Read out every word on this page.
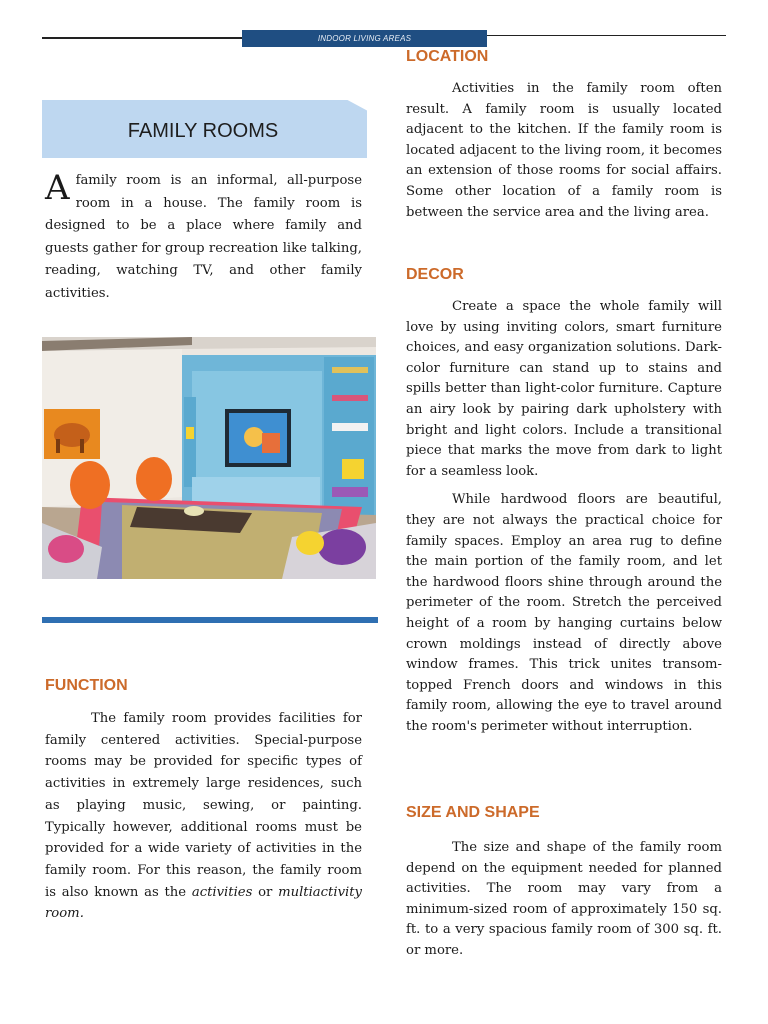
INDOOR LIVING AREAS
FAMILY ROOMS

A family room is an informal, all-purpose room in a house. The family room is designed to be a place where family and guests gather for group recreation like talking, reading, watching TV, and other family activities.

FUNCTION

The family room provides facilities for family centered activities. Special-purpose rooms may be provided for specific types of activities in extremely large residences, such as playing music, sewing, or painting. Typically however, additional rooms must be provided for a wide variety of activities in the family room. For this reason, the family room is also known as the activities or multiactivity room.

LOCATION

Activities in the family room often result. A family room is usually located adjacent to the kitchen. If the family room is located adjacent to the living room, it becomes an extension of those rooms for social affairs. Some other location of a family room is between the service area and the living area.

DECOR

Create a space the whole family will love by using inviting colors, smart furniture choices, and easy organization solutions. Dark-color furniture can stand up to stains and spills better than light-color furniture. Capture an airy look by pairing dark upholstery with bright and light colors. Include a transitional piece that marks the move from dark to light for a seamless look.

While hardwood floors are beautiful, they are not always the practical choice for family spaces. Employ an area rug to define the main portion of the family room, and let the hardwood floors shine through around the perimeter of the room. Stretch the perceived height of a room by hanging curtains below crown moldings instead of directly above window frames. This trick unites transom-topped French doors and windows in this family room, allowing the eye to travel around the room's perimeter without interruption.

SIZE AND SHAPE

The size and shape of the family room depend on the equipment needed for planned activities. The room may vary from a minimum-sized room of approximately 150 sq. ft. to a very spacious family room of 300 sq. ft. or more.
